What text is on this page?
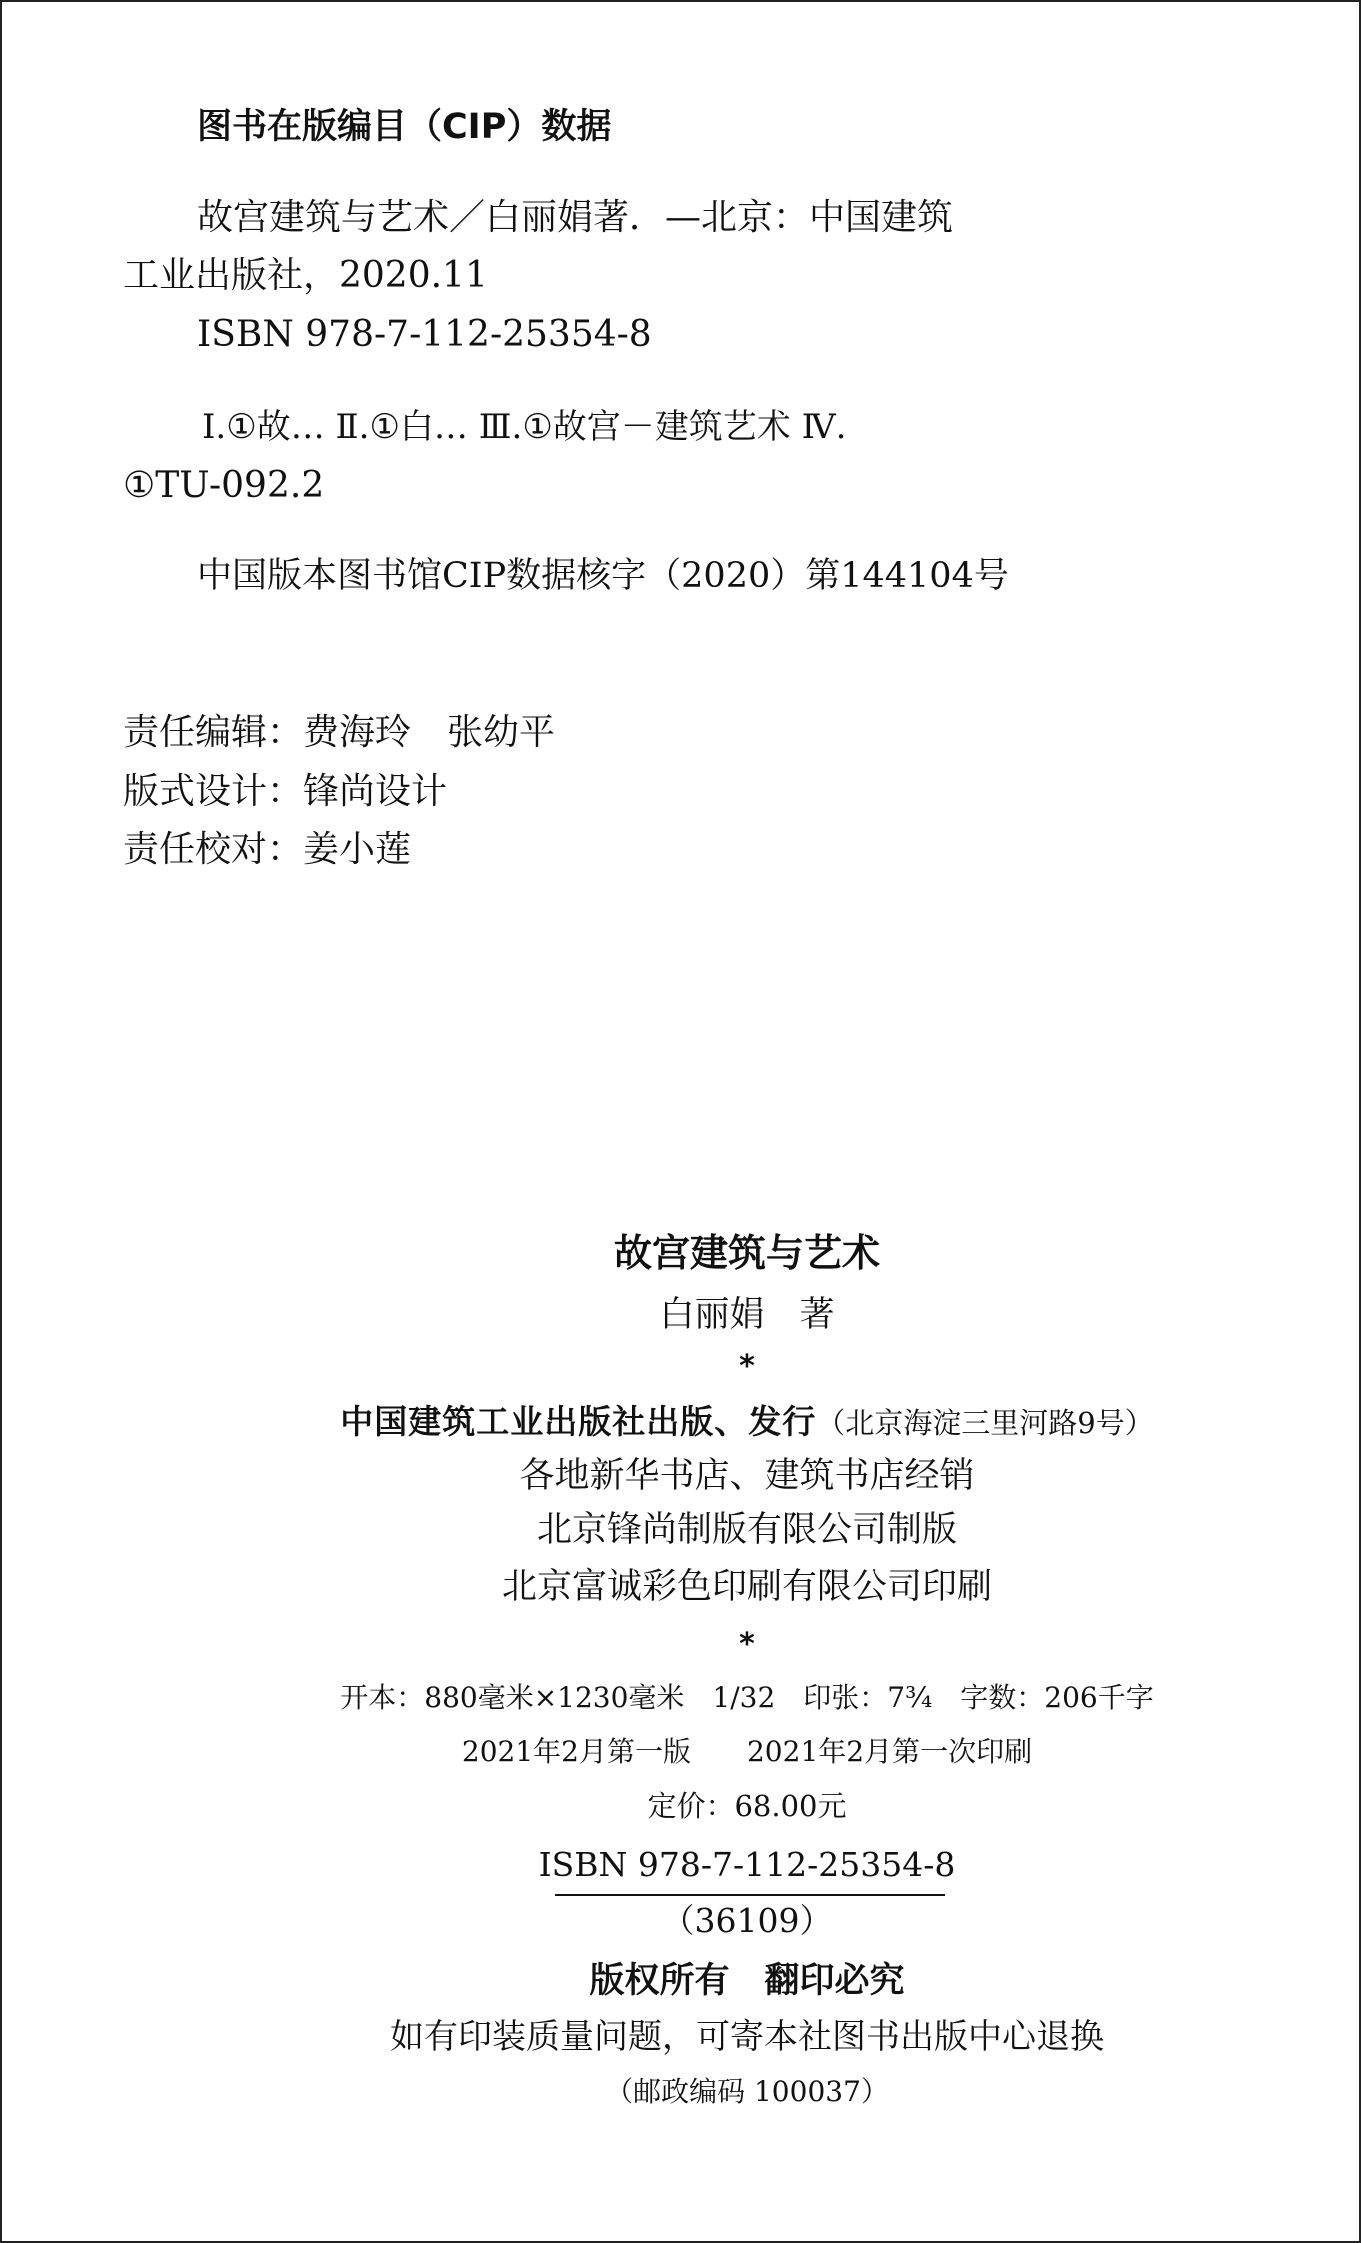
图书在版编目（CIP）数据
故宫建筑与艺术／白丽娟著．—北京：中国建筑
工业出版社，2020.11
ISBN 978-7-112-25354-8
Ⅰ.①故… Ⅱ.①白… Ⅲ.①故宫－建筑艺术 Ⅳ.
①TU-092.2
中国版本图书馆CIP数据核字（2020）第144104号
责任编辑：费海玲　张幼平
版式设计：锋尚设计
责任校对：姜小莲
故宫建筑与艺术
白丽娟　著
*
中国建筑工业出版社出版、发行（北京海淀三里河路9号）
各地新华书店、建筑书店经销
北京锋尚制版有限公司制版
北京富诚彩色印刷有限公司印刷
*
开本：880毫米×1230毫米　1/32　印张：7¾　字数：206千字
2021年2月第一版　　2021年2月第一次印刷
定价：68.00元
ISBN 978-7-112-25354-8
（36109）
版权所有　翻印必究
如有印装质量问题，可寄本社图书出版中心退换
（邮政编码 100037）
